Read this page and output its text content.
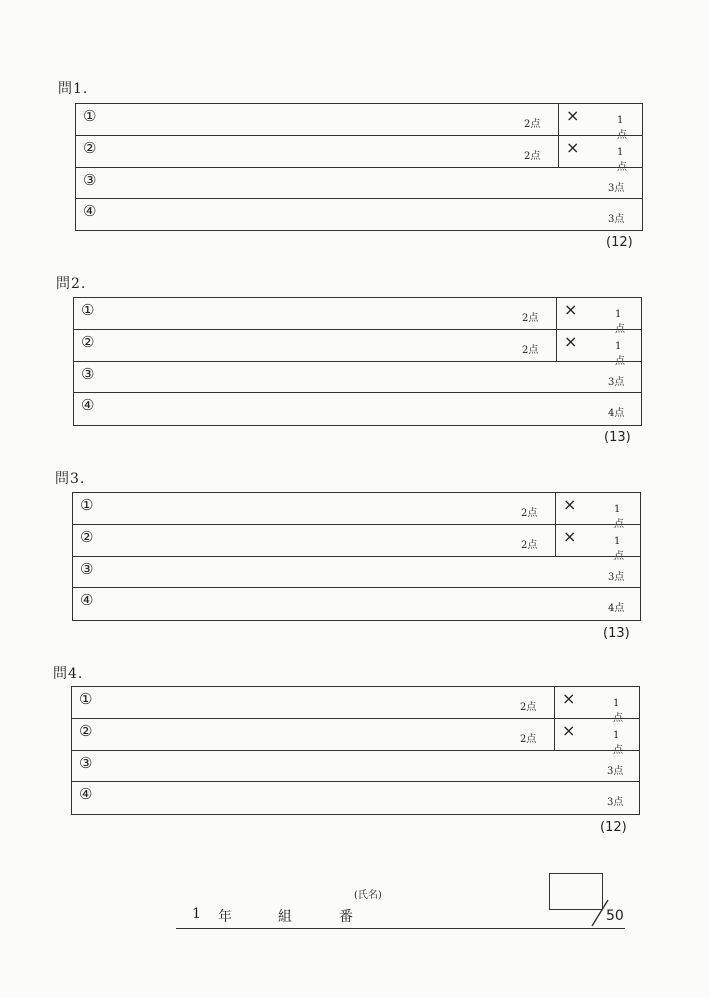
問1.
①	2点 ×	1点
②	2点 ×	1点
③	3点
④	3点
(12)
問2.
①	2点 ×	1点
②	2点 ×	1点
③	3点
④	4点
(13)
問3.
①	2点 ×	1点
②	2点 ×	1点
③	3点
④	4点
(13)
問4.
①	2点 ×	1点
②	2点 ×	1点
③	3点
④	3点
(12)
(氏名)
1 年	組	番	50
